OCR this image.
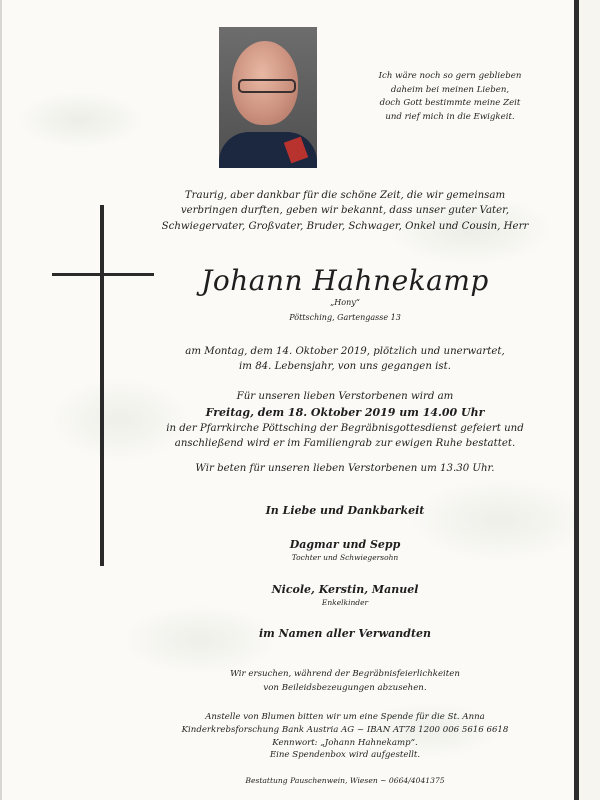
Ich wäre noch so gern geblieben
daheim bei meinen Lieben,
doch Gott bestimmte meine Zeit
und rief mich in die Ewigkeit.
Traurig, aber dankbar für die schöne Zeit, die wir gemeinsam
verbringen durften, geben wir bekannt, dass unser guter Vater,
Schwiegervater, Großvater, Bruder, Schwager, Onkel und Cousin, Herr
Johann Hahnekamp
„Hony“
Pöttsching, Gartengasse 13
am Montag, dem 14. Oktober 2019, plötzlich und unerwartet,
im 84. Lebensjahr, von uns gegangen ist.
Für unseren lieben Verstorbenen wird am
Freitag, dem 18. Oktober 2019 um 14.00 Uhr
in der Pfarrkirche Pöttsching der Begräbnisgottesdienst gefeiert und
anschließend wird er im Familiengrab zur ewigen Ruhe bestattet.
Wir beten für unseren lieben Verstorbenen um 13.30 Uhr.
In Liebe und Dankbarkeit
Dagmar und Sepp
Tochter und Schwiegersohn
Nicole, Kerstin, Manuel
Enkelkinder
im Namen aller Verwandten
Wir ersuchen, während der Begräbnisfeierlichkeiten
von Beileidsbezeugungen abzusehen.
Anstelle von Blumen bitten wir um eine Spende für die St. Anna
Kinderkrebsforschung Bank Austria AG ~ IBAN AT78 1200 006 5616 6618
Kennwort: „Johann Hahnekamp“.
Eine Spendenbox wird aufgestellt.
Bestattung Pauschenwein, Wiesen ~ 0664/4041375
